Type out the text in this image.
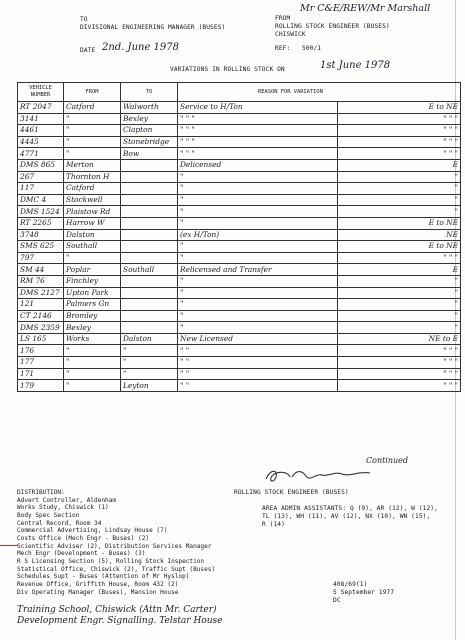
TO
DIVISIONAL ENGINEERING MANAGER (BUSES)
FROM
Mr C&E/REW/Mr Marshall
ROLLING STOCK ENGINEER (BUSES)
CHISWICK
DATE 2nd. June 1978	REF: 500/1
VARIATIONS IN ROLLING STOCK ON	1st June 1978
VEHICLE NUMBER	FROM	TO	REASON FOR VARIATION	
RT 2047	Catford	Walworth	Service to H/Ton	E to NE
3141	"	Bexley	" " "	" " "
4461	"	Clapton	" " "	" " "
4445	"	Stonebridge	" " "	" " "
4771	"	Bow	" " "	" " "
DMS 865	Merton		Delicensed	E
267	Thornton H		"	"
117	Catford		"	"
DMC 4	Stockwell		"	"
DMS 1524	Plaistow Rd		"	"
RT 2265	Harrow W		"	E to NE
3748	Dalston		(ex H/Ton)	NE
SMS 625	Southall		"	E to NE
797	"		"	" " "
SM 44	Poplar	Southall	Relicensed and Transfer	E
RM 76	Finchley		"	"
DMS 2127	Upton Park		"	"
121	Palmers Gn		"	"
CT 2146	Bromley		"	"
DMS 2359	Bexley		"	"
LS 165	Works	Dalston	New Licensed	NE to E
176	"	"	" "	" " "
177	"	"	" "	" " "
171	"	"	" "	" " "
179	"	Leyton	" "	" " "
Continued
ROLLING STOCK ENGINEER (BUSES)
AREA ADMIN ASSISTANTS: Q (9), AR (12), W (12),
TL (13), WH (11), AV (12), NX (10), WN (15),
R (14)
DISTRIBUTION:
Advert Controller, Aldenham
Works Study, Chiswick (1)
Body Spec Section
Central Record, Room 34
Commercial Advertising, Lindsay House (7)
Costs Office (Mech Engr - Buses) (2)
Scientific Adviser (2), Distribution Services Manager
Mech Engr (Development - Buses) (3)
R S Licensing Section (5), Rolling Stock Inspection
Statistical Office, Chiswick (2), Traffic Supt (Buses)
Schedules Supt - Buses (Attention of Mr Hyslop)
Revenue Office, Griffith House, Room 432 (2)
Div Operating Manager (Buses), Mansion House
Training School, Chiswick (Attn Mr. Carter)
Development Engr. Signalling. Telstar House
408/69(1)
5 September 1977
DC
